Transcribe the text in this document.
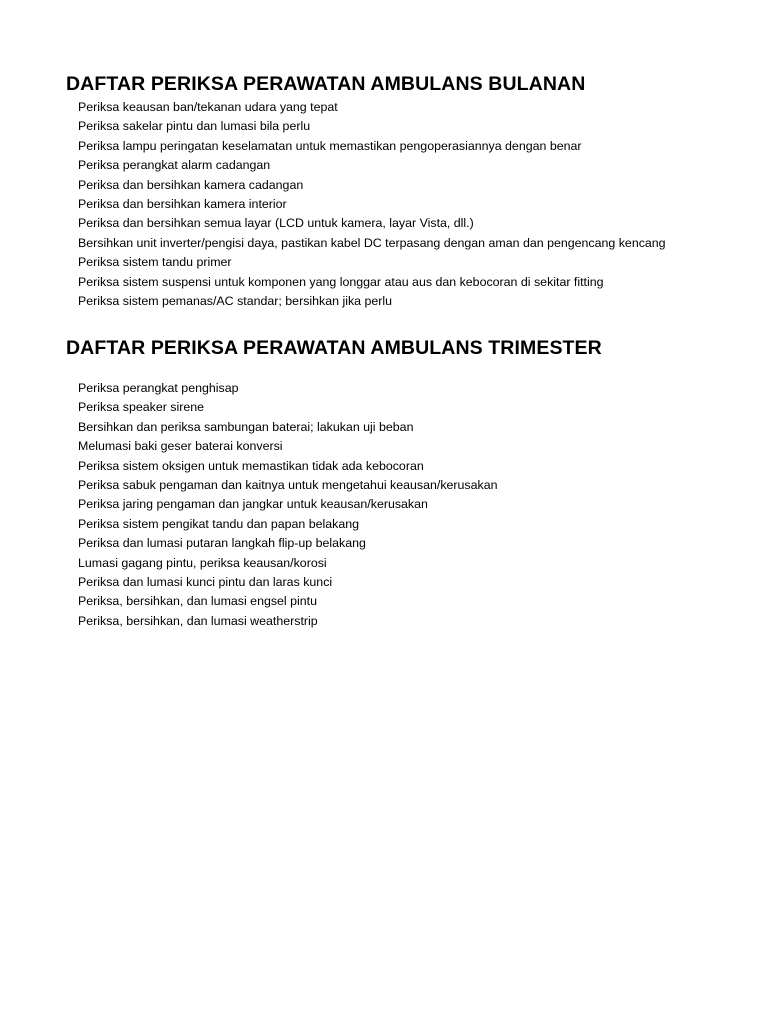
DAFTAR PERIKSA PERAWATAN AMBULANS BULANAN
Periksa keausan ban/tekanan udara yang tepat
Periksa sakelar pintu dan lumasi bila perlu
Periksa lampu peringatan keselamatan untuk memastikan pengoperasiannya dengan benar
Periksa perangkat alarm cadangan
Periksa dan bersihkan kamera cadangan
Periksa dan bersihkan kamera interior
Periksa dan bersihkan semua layar (LCD untuk kamera, layar Vista, dll.)
Bersihkan unit inverter/pengisi daya, pastikan kabel DC terpasang dengan aman dan pengencang kencang
Periksa sistem tandu primer
Periksa sistem suspensi untuk komponen yang longgar atau aus dan kebocoran di sekitar fitting
Periksa sistem pemanas/AC standar; bersihkan jika perlu
DAFTAR PERIKSA PERAWATAN AMBULANS TRIMESTER
Periksa perangkat penghisap
Periksa speaker sirene
Bersihkan dan periksa sambungan baterai; lakukan uji beban
Melumasi baki geser baterai konversi
Periksa sistem oksigen untuk memastikan tidak ada kebocoran
Periksa sabuk pengaman dan kaitnya untuk mengetahui keausan/kerusakan
Periksa jaring pengaman dan jangkar untuk keausan/kerusakan
Periksa sistem pengikat tandu dan papan belakang
Periksa dan lumasi putaran langkah flip-up belakang
Lumasi gagang pintu, periksa keausan/korosi
Periksa dan lumasi kunci pintu dan laras kunci
Periksa, bersihkan, dan lumasi engsel pintu
Periksa, bersihkan, dan lumasi weatherstrip
